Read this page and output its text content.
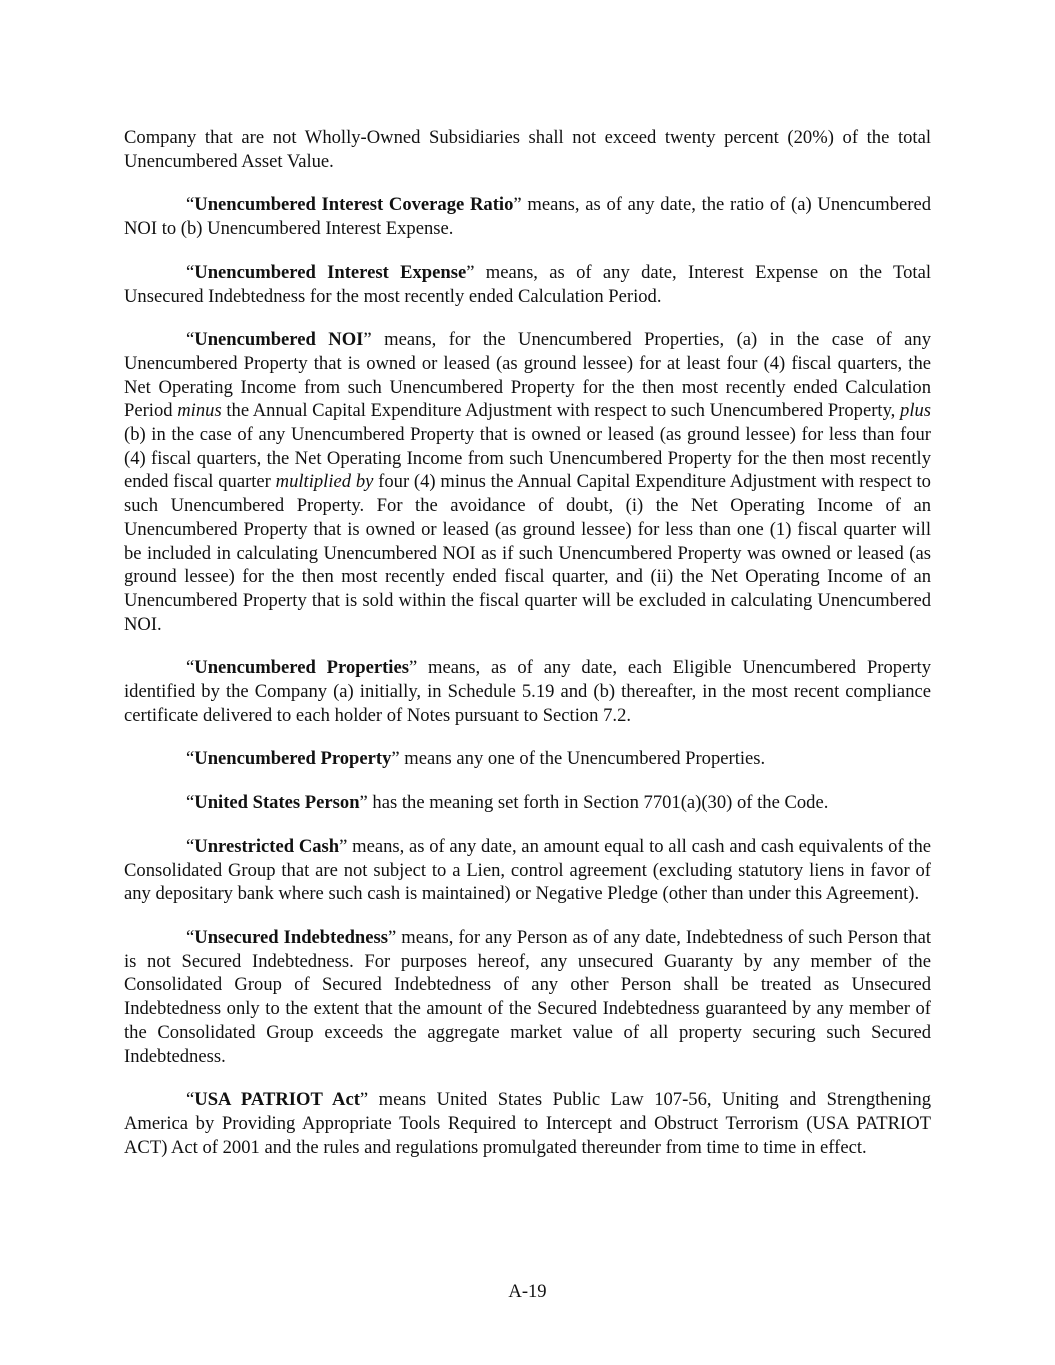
Company that are not Wholly-Owned Subsidiaries shall not exceed twenty percent (20%) of the total Unencumbered Asset Value.

“Unencumbered Interest Coverage Ratio” means, as of any date, the ratio of (a) Unencumbered NOI to (b) Unencumbered Interest Expense.

“Unencumbered Interest Expense” means, as of any date, Interest Expense on the Total Unsecured Indebtedness for the most recently ended Calculation Period.

“Unencumbered NOI” means, for the Unencumbered Properties, (a) in the case of any Unencumbered Property that is owned or leased (as ground lessee) for at least four (4) fiscal quarters, the Net Operating Income from such Unencumbered Property for the then most recently ended Calculation Period minus the Annual Capital Expenditure Adjustment with respect to such Unencumbered Property, plus (b) in the case of any Unencumbered Property that is owned or leased (as ground lessee) for less than four (4) fiscal quarters, the Net Operating Income from such Unencumbered Property for the then most recently ended fiscal quarter multiplied by four (4) minus the Annual Capital Expenditure Adjustment with respect to such Unencumbered Property. For the avoidance of doubt, (i) the Net Operating Income of an Unencumbered Property that is owned or leased (as ground lessee) for less than one (1) fiscal quarter will be included in calculating Unencumbered NOI as if such Unencumbered Property was owned or leased (as ground lessee) for the then most recently ended fiscal quarter, and (ii) the Net Operating Income of an Unencumbered Property that is sold within the fiscal quarter will be excluded in calculating Unencumbered NOI.

“Unencumbered Properties” means, as of any date, each Eligible Unencumbered Property identified by the Company (a) initially, in Schedule 5.19 and (b) thereafter, in the most recent compliance certificate delivered to each holder of Notes pursuant to Section 7.2.

“Unencumbered Property” means any one of the Unencumbered Properties.

“United States Person” has the meaning set forth in Section 7701(a)(30) of the Code.

“Unrestricted Cash” means, as of any date, an amount equal to all cash and cash equivalents of the Consolidated Group that are not subject to a Lien, control agreement (excluding statutory liens in favor of any depositary bank where such cash is maintained) or Negative Pledge (other than under this Agreement).

“Unsecured Indebtedness” means, for any Person as of any date, Indebtedness of such Person that is not Secured Indebtedness. For purposes hereof, any unsecured Guaranty by any member of the Consolidated Group of Secured Indebtedness of any other Person shall be treated as Unsecured Indebtedness only to the extent that the amount of the Secured Indebtedness guaranteed by any member of the Consolidated Group exceeds the aggregate market value of all property securing such Secured Indebtedness.

“USA PATRIOT Act” means United States Public Law 107-56, Uniting and Strengthening America by Providing Appropriate Tools Required to Intercept and Obstruct Terrorism (USA PATRIOT ACT) Act of 2001 and the rules and regulations promulgated thereunder from time to time in effect.

A-19
